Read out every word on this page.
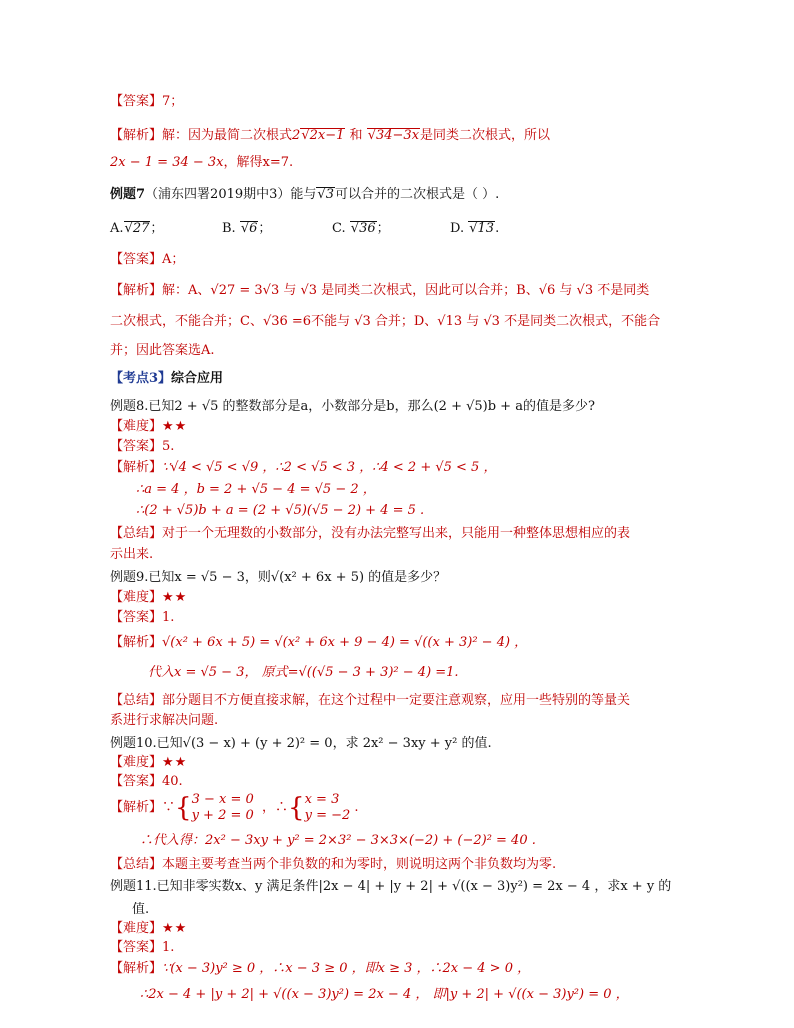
【答案】7；
【解析】解：因为最简二次根式2 √ 2x−1 和 √ 34−3x是同类二次根式，所以
2x − 1 = 34 − 3x，解得x=7.
例题7（浦东四署2019期中3）能与 √ 3可以合并的二次根式是（ ）.
A. √ 27；	B. √ 6；	C. √ 36；	D. √ 13.
【答案】A；
【解析】解：A、√27 = 3√3 与 √3 是同类二次根式，因此可以合并；B、√6 与 √3 不是同类
二次根式，不能合并；C、√36 =6不能与 √3 合并；D、√13 与 √3 不是同类二次根式，不能合
并；因此答案选A.
【考点3】综合应用
例题8.已知2 + √5 的整数部分是a，小数部分是b，那么(2 + √5)b + a的值是多少?
【难度】★★
【答案】5.
【解析】∵√4 < √5 < √9 ，∴2 < √5 < 3 ，∴4 < 2 + √5 < 5 ，
∴a = 4 ，b = 2 + √5 − 4 = √5 − 2 ，
∴(2 + √5)b + a = (2 + √5)(√5 − 2) + 4 = 5 .
【总结】对于一个无理数的小数部分，没有办法完整写出来，只能用一种整体思想相应的表
示出来.
例题9.已知x = √5 − 3，则√(x² + 6x + 5) 的值是多少？
【难度】★★
【答案】1.
【解析】√(x² + 6x + 5) = √(x² + 6x + 9 − 4) = √((x + 3)² − 4) ，
代入x = √5 − 3， 原式=√((√5 − 3 + 3)² − 4) =1.
【总结】部分题目不方便直接求解，在这个过程中一定要注意观察，应用一些特别的等量关
系进行求解决问题.
例题10.已知√(3 − x) + (y + 2)² = 0，求 2x² − 3xy + y² 的值.
【难度】★★
【答案】40.
【解析】∵{3 − x = 0
y + 2 = 0  ，∴{x = 3
y = −2 .
∴代入得：2x² − 3xy + y² = 2×3² − 3×3×(−2) + (−2)² = 40 .
【总结】本题主要考查当两个非负数的和为零时，则说明这两个非负数均为零.
例题11.已知非零实数x、y 满足条件|2x − 4| + |y + 2| + √((x − 3)y²) = 2x − 4 ，求x + y 的
值.
【难度】★★
【答案】1.
【解析】∵(x − 3)y² ≥ 0 ，∴x − 3 ≥ 0 ，即x ≥ 3 ，∴2x − 4 > 0 ，
∴2x − 4 + |y + 2| + √((x − 3)y²) = 2x − 4 ， 即|y + 2| + √((x − 3)y²) = 0 ，
